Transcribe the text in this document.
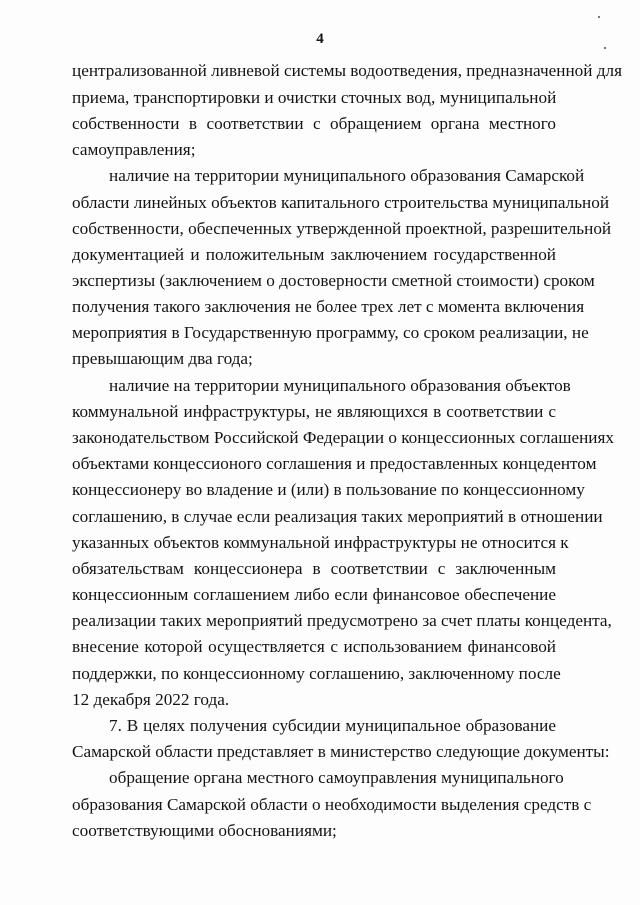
4
централизованной ливневой системы водоотведения, предназначенной для
приема, транспортировки и очистки сточных вод, муниципальной
собственности в соответствии с обращением органа местного
самоуправления;
наличие на территории муниципального образования Самарской
области линейных объектов капитального строительства муниципальной
собственности, обеспеченных утвержденной проектной, разрешительной
документацией и положительным заключением государственной
экспертизы (заключением о достоверности сметной стоимости) сроком
получения такого заключения не более трех лет с момента включения
мероприятия в Государственную программу, со сроком реализации, не
превышающим два года;
наличие на территории муниципального образования объектов
коммунальной инфраструктуры, не являющихся в соответствии с
законодательством Российской Федерации о концессионных соглашениях
объектами концессионого соглашения и предоставленных концедентом
концессионеру во владение и (или) в пользование по концессионному
соглашению, в случае если реализация таких мероприятий в отношении
указанных объектов коммунальной инфраструктуры не относится к
обязательствам концессионера в соответствии с заключенным
концессионным соглашением либо если финансовое обеспечение
реализации таких мероприятий предусмотрено за счет платы концедента,
внесение которой осуществляется с использованием финансовой
поддержки, по концессионному соглашению, заключенному после
12 декабря 2022 года.
7. В целях получения субсидии муниципальное образование
Самарской области представляет в министерство следующие документы:
обращение органа местного самоуправления муниципального
образования Самарской области о необходимости выделения средств с
соответствующими обоснованиями;
